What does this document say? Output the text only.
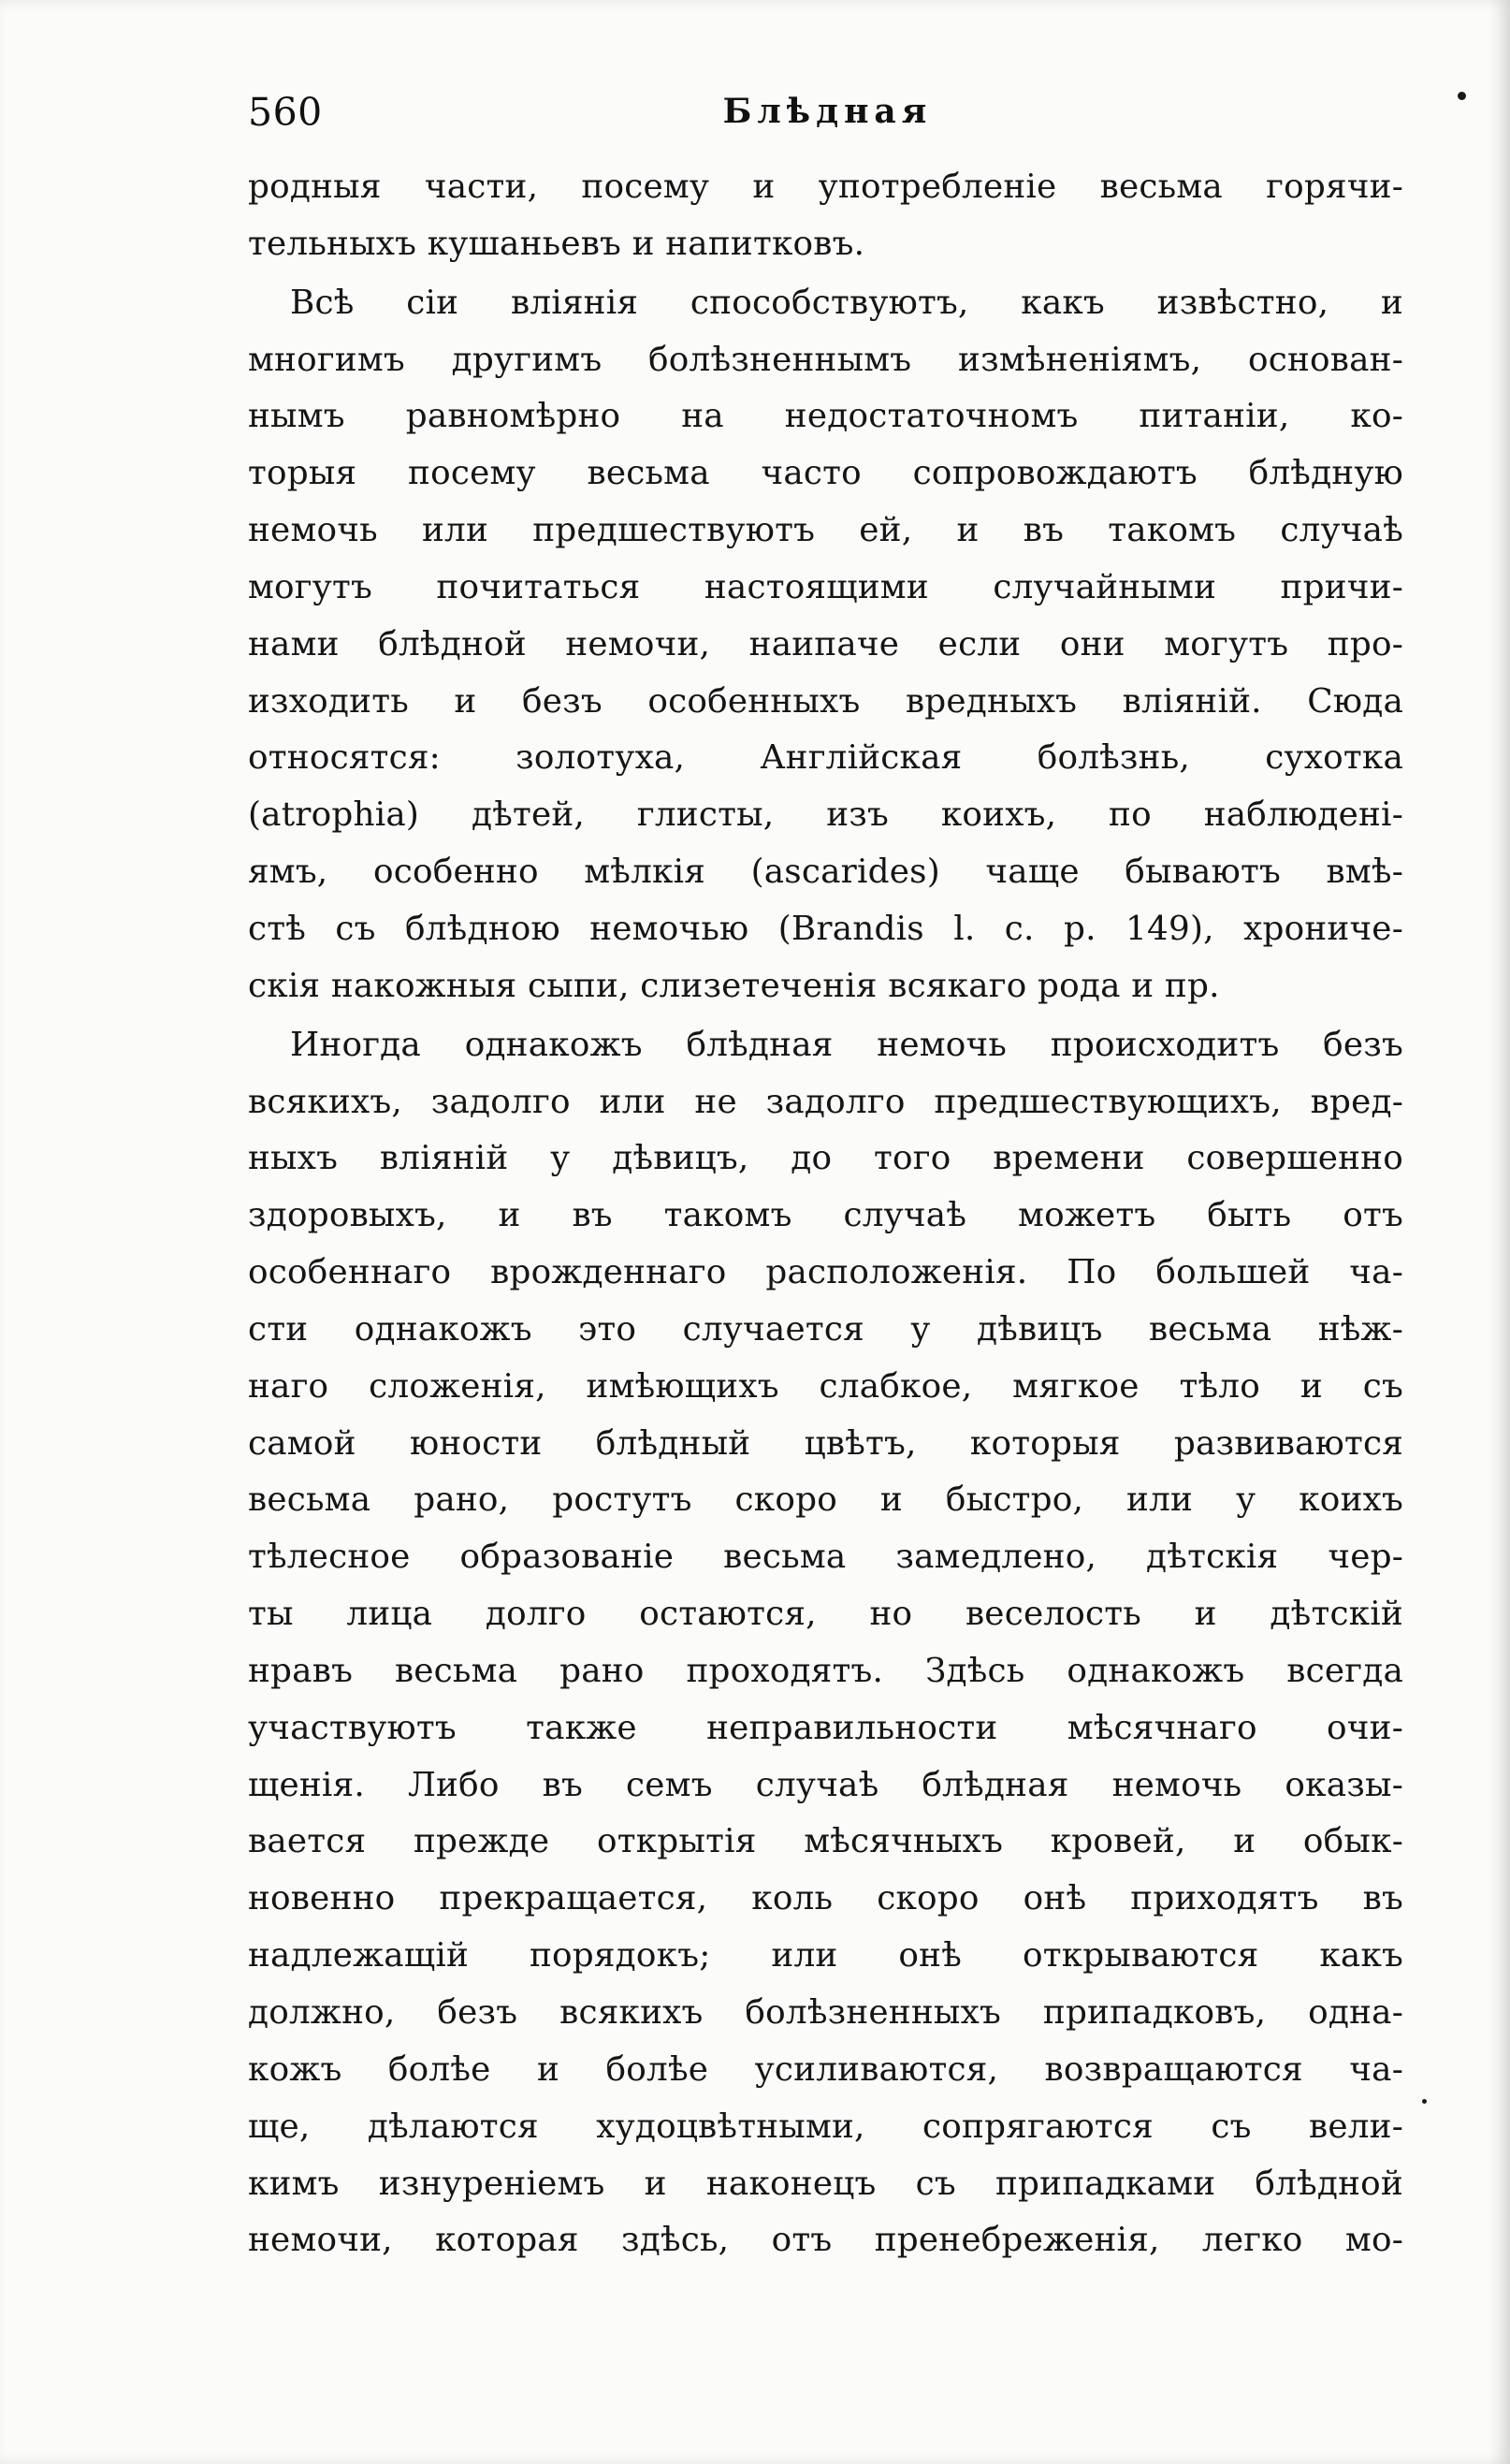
560	Блѣдная
родныя части, посему и употребленіе весьма горячи-
тельныхъ кушаньевъ и напитковъ.
Всѣ сіи вліянія способствуютъ, какъ извѣстно, и
многимъ другимъ болѣзненнымъ измѣненіямъ, основан-
нымъ равномѣрно на недостаточномъ питаніи, ко-
торыя посему весьма часто сопровождаютъ блѣдную
немочь или предшествуютъ ей, и въ такомъ случаѣ
могутъ почитаться настоящими случайными причи-
нами блѣдной немочи, наипаче если они могутъ про-
изходить и безъ особенныхъ вредныхъ вліяній. Сюда
относятся: золотуха, Англійская болѣзнь, сухотка
(atrophia) дѣтей, глисты, изъ коихъ, по наблюдені-
ямъ, особенно мѣлкія (ascarides) чаще бываютъ вмѣ-
стѣ съ блѣдною немочью (Brandis l. c. p. 149), хрониче-
скія накожныя сыпи, слизетеченія всякаго рода и пр.
Иногда однакожъ блѣдная немочь происходитъ безъ
всякихъ, задолго или не задолго предшествующихъ, вред-
ныхъ вліяній у дѣвицъ, до того времени совершенно
здоровыхъ, и въ такомъ случаѣ можетъ быть отъ
особеннаго врожденнаго расположенія. По большей ча-
сти однакожъ это случается у дѣвицъ весьма нѣж-
наго сложенія, имѣющихъ слабкое, мягкое тѣло и съ
самой юности блѣдный цвѣтъ, которыя развиваются
весьма рано, ростутъ скоро и быстро, или у коихъ
тѣлесное образованіе весьма замедлено, дѣтскія чер-
ты лица долго остаются, но веселость и дѣтскій
нравъ весьма рано проходятъ. Здѣсь однакожъ всегда
участвуютъ также неправильности мѣсячнаго очи-
щенія. Либо въ семъ случаѣ блѣдная немочь оказы-
вается прежде открытія мѣсячныхъ кровей, и обык-
новенно прекращается, коль скоро онѣ приходятъ въ
надлежащій порядокъ; или онѣ открываются какъ
должно, безъ всякихъ болѣзненныхъ припадковъ, одна-
кожъ болѣе и болѣе усиливаются, возвращаются ча-
ще, дѣлаются худоцвѣтными, сопрягаются съ вели-
кимъ изнуреніемъ и наконецъ съ припадками блѣдной
немочи, которая здѣсь, отъ пренебреженія, легко мо-
